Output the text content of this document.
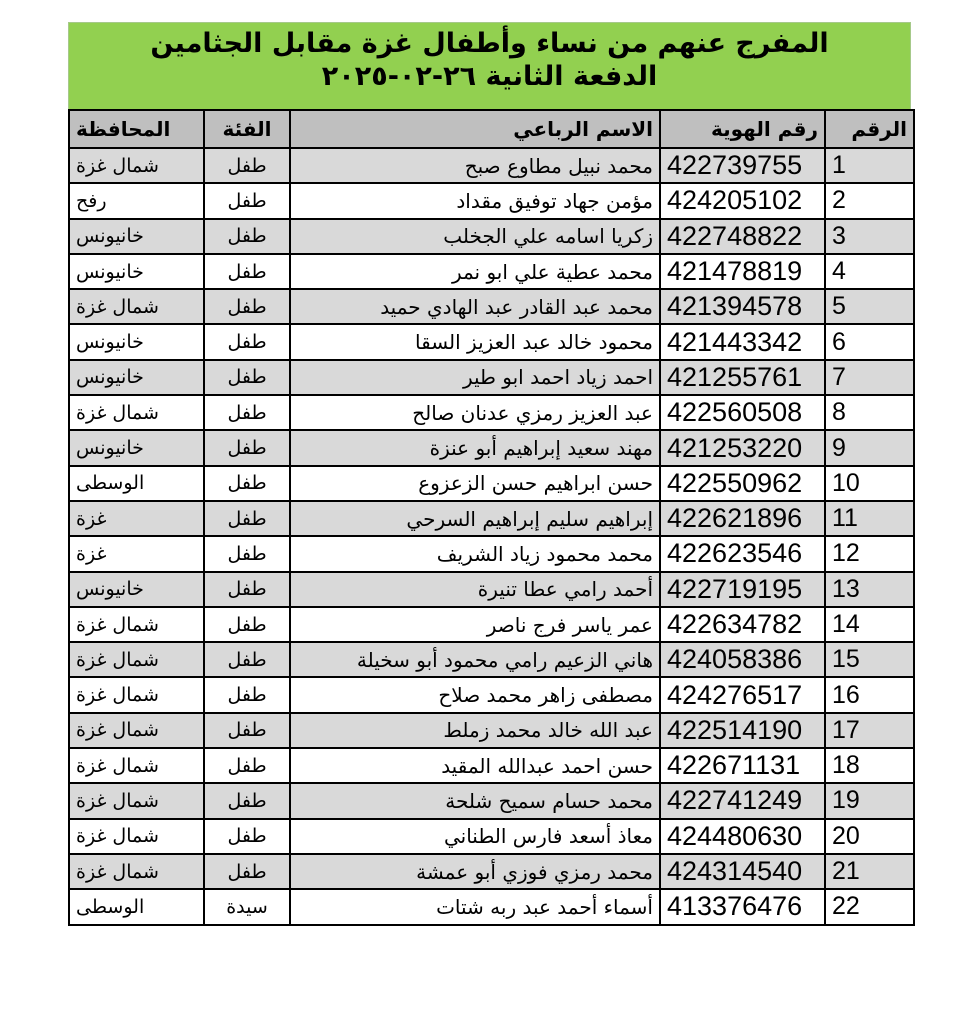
المفرج عنهم من نساء وأطفال غزة مقابل الجثامين
الدفعة الثانية ٢٦-٠٢-٢٠٢٥
الرقم	رقم الهوية	الاسم الرباعي	الفئة	المحافظة
1	422739755	محمد نبيل مطاوع صبح	طفل	شمال غزة
2	424205102	مؤمن جهاد توفيق مقداد	طفل	رفح
3	422748822	زكريا اسامه علي الجخلب	طفل	خانيونس
4	421478819	محمد عطية علي ابو نمر	طفل	خانيونس
5	421394578	محمد عبد القادر عبد الهادي حميد	طفل	شمال غزة
6	421443342	محمود خالد عبد العزيز السقا	طفل	خانيونس
7	421255761	احمد زياد احمد ابو طير	طفل	خانيونس
8	422560508	عبد العزيز رمزي عدنان صالح	طفل	شمال غزة
9	421253220	مهند سعيد إبراهيم أبو عنزة	طفل	خانيونس
10	422550962	حسن ابراهيم حسن الزعزوع	طفل	الوسطى
11	422621896	إبراهيم سليم إبراهيم السرحي	طفل	غزة
12	422623546	محمد محمود زياد الشريف	طفل	غزة
13	422719195	أحمد رامي عطا تنيرة	طفل	خانيونس
14	422634782	عمر ياسر فرج ناصر	طفل	شمال غزة
15	424058386	هاني الزعيم رامي محمود أبو سخيلة	طفل	شمال غزة
16	424276517	مصطفى زاهر محمد صلاح	طفل	شمال غزة
17	422514190	عبد الله خالد محمد زملط	طفل	شمال غزة
18	422671131	حسن احمد عبدالله المقيد	طفل	شمال غزة
19	422741249	محمد حسام سميح شلحة	طفل	شمال غزة
20	424480630	معاذ أسعد فارس الطناني	طفل	شمال غزة
21	424314540	محمد رمزي فوزي أبو عمشة	طفل	شمال غزة
22	413376476	أسماء أحمد عبد ربه شتات	سيدة	الوسطى
